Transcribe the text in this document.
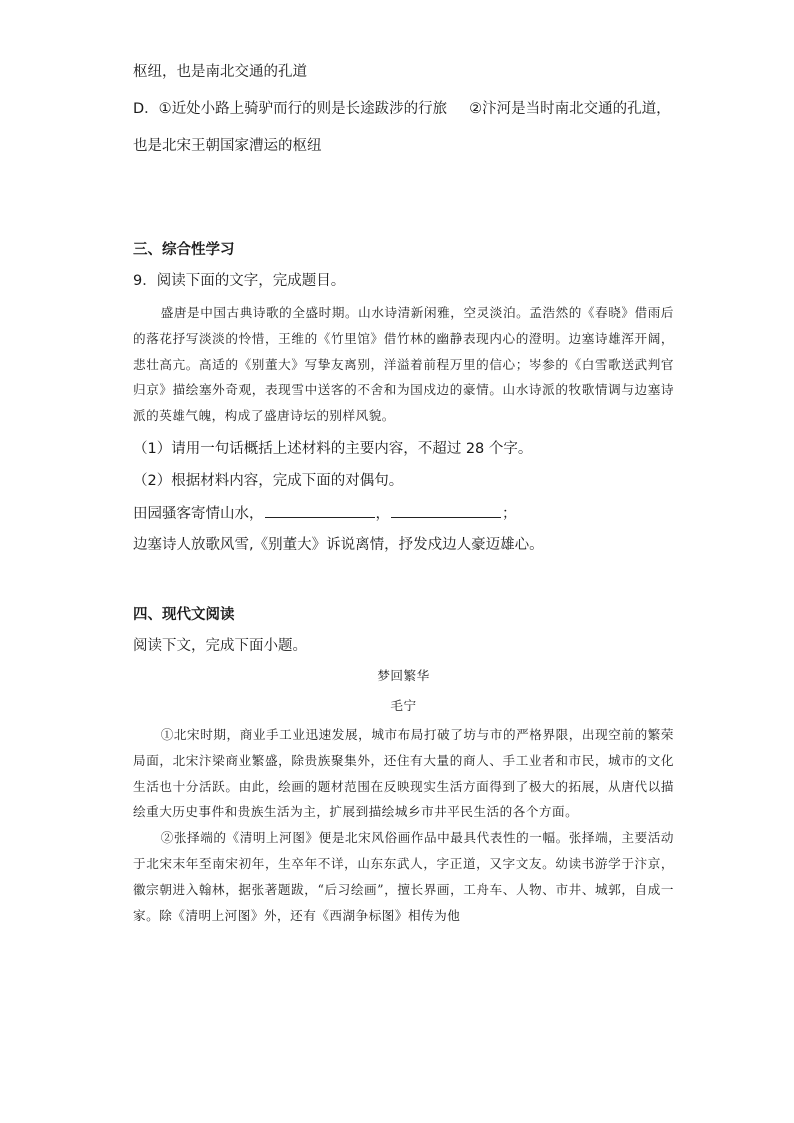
枢纽，也是南北交通的孔道
D．①近处小路上骑驴而行的则是长途跋涉的行旅 ②汴河是当时南北交通的孔道，
也是北宋王朝国家漕运的枢纽
三、综合性学习
9．阅读下面的文字，完成题目。
盛唐是中国古典诗歌的全盛时期。山水诗清新闲雅，空灵淡泊。孟浩然的《春晓》借雨后的落花抒写淡淡的怜惜，王维的《竹里馆》借竹林的幽静表现内心的澄明。边塞诗雄浑开阔，悲壮高亢。高适的《别董大》写挚友离别，洋溢着前程万里的信心；岑参的《白雪歌送武判官归京》描绘塞外奇观，表现雪中送客的不舍和为国戍边的豪情。山水诗派的牧歌情调与边塞诗派的英雄气魄，构成了盛唐诗坛的别样风貌。
（1）请用一句话概括上述材料的主要内容，不超过 28 个字。
（2）根据材料内容，完成下面的对偶句。
田园骚客寄情山水，	，	；
边塞诗人放歌风雪,《别董大》诉说离情，抒发戍边人豪迈雄心。
四、现代文阅读
阅读下文，完成下面小题。
梦回繁华
毛宁
①北宋时期，商业手工业迅速发展，城市布局打破了坊与市的严格界限，出现空前的繁荣局面，北宋汴梁商业繁盛，除贵族聚集外，还住有大量的商人、手工业者和市民，城市的文化生活也十分活跃。由此，绘画的题材范围在反映现实生活方面得到了极大的拓展，从唐代以描绘重大历史事件和贵族生活为主，扩展到描绘城乡市井平民生活的各个方面。
②张择端的《清明上河图》便是北宋风俗画作品中最具代表性的一幅。张择端，主要活动于北宋末年至南宋初年，生卒年不详，山东东武人，字正道，又字文友。幼读书游学于汴京，徽宗朝进入翰林，据张著题跋，“后习绘画”，擅长界画，工舟车、人物、市井、城郭，自成一家。除《清明上河图》外，还有《西湖争标图》相传为他
